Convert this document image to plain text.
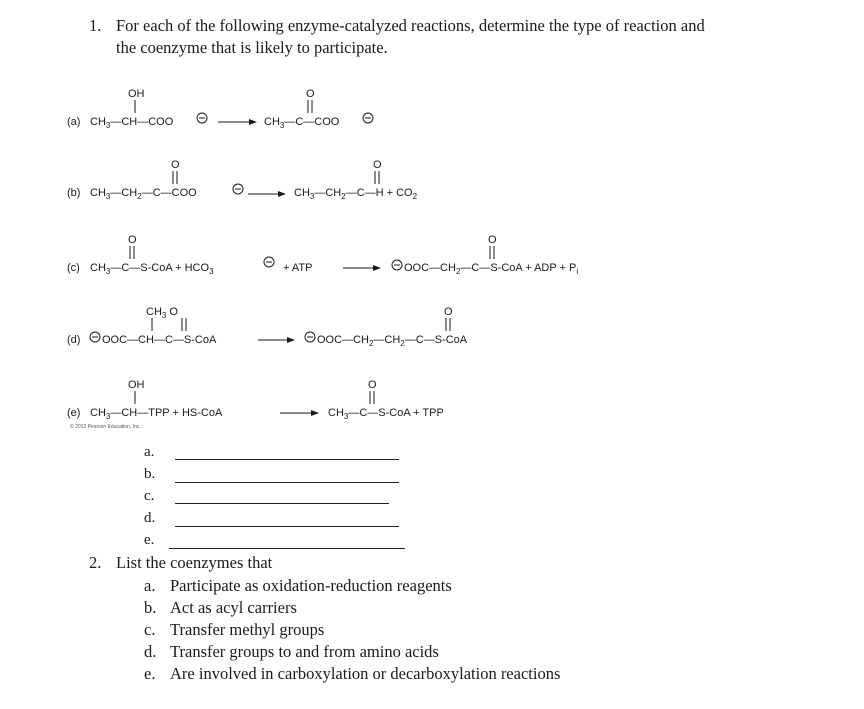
1. For each of the following enzyme-catalyzed reactions, determine the type of reaction and
the coenzyme that is likely to participate.
(a)
OH
$CH_3—CH—COO$
O
$CH_3—C—COO$
(b)
O
$CH_3—CH_2—C—COO$
O
$CH_3—CH_2—C—H + CO_2$
(c)
O
$CH_3—C—S$-CoA + $HCO_3$	+ ATP
O
$OOC—CH_2—C—S$-CoA + ADP + $P_i$
(d)
$CH_3$ O
OOC—CH—C—S-CoA
O
$OOC—CH_2—CH_2—C—S$-CoA
(e)
OH
$CH_3—CH—TPP + HS-CoA$
O
$CH_3—C—S$-CoA + TPP
© 2012 Pearson Education, Inc.
a.
b.
c.
d.
e.
2. List the coenzymes that
a. Participate as oxidation-reduction reagents
b. Act as acyl carriers
c. Transfer methyl groups
d. Transfer groups to and from amino acids
e. Are involved in carboxylation or decarboxylation reactions
